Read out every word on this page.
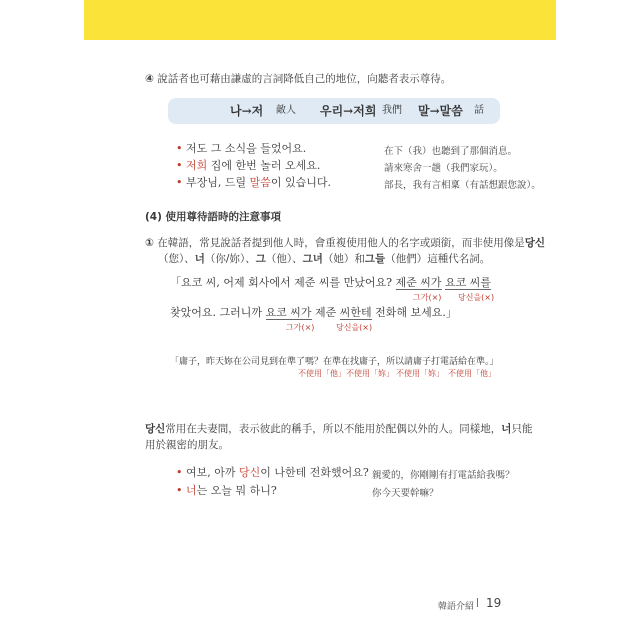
④ 說話者也可藉由謙虛的言詞降低自己的地位，向聽者表示尊待。
나→저 敵人 우리→저희 我們 말→말씀 話
• 저도 그 소식을 들었어요.	在下（我）也聽到了那個消息。
• 저희 집에 한번 놀러 오세요.	請來寒舍一趟（我們家玩）。
• 부장님, 드릴 말씀이 있습니다.	部長，我有言相稟（有話想跟您說）。
(4) 使用尊待語時的注意事項
① 在韓語，常見說話者提到他人時，會重複使用他人的名字或頭銜，而非使用像是당신
（您）、너（你/妳）、그（他）、그녀（她）和그들（他們）這種代名詞。
「요코 씨, 어제 회사에서 제준 씨를 만났어요? 제준 씨가 요코 씨를
그가(×) 당신을(×)
찾았어요. 그러니까 요코 씨가 제준 씨한테 전화해 보세요.」
그가(×)	당신을(×)
「庸子，昨天妳在公司見到在準了嗎？在準在找庸子，所以請庸子打電話給在準。」
不使用「他」 不使用「妳」 不使用「妳」 不使用「他」
당신常用在夫妻間，表示彼此的稱手，所以不能用於配偶以外的人。同樣地，너只能
用於親密的朋友。
• 여보, 아까 당신이 나한테 전화했어요? 親愛的，你剛剛有打電話給我嗎？
• 너는 오늘 뭐 하니?	你今天要幹嘛？
韓語介紹 | 19
